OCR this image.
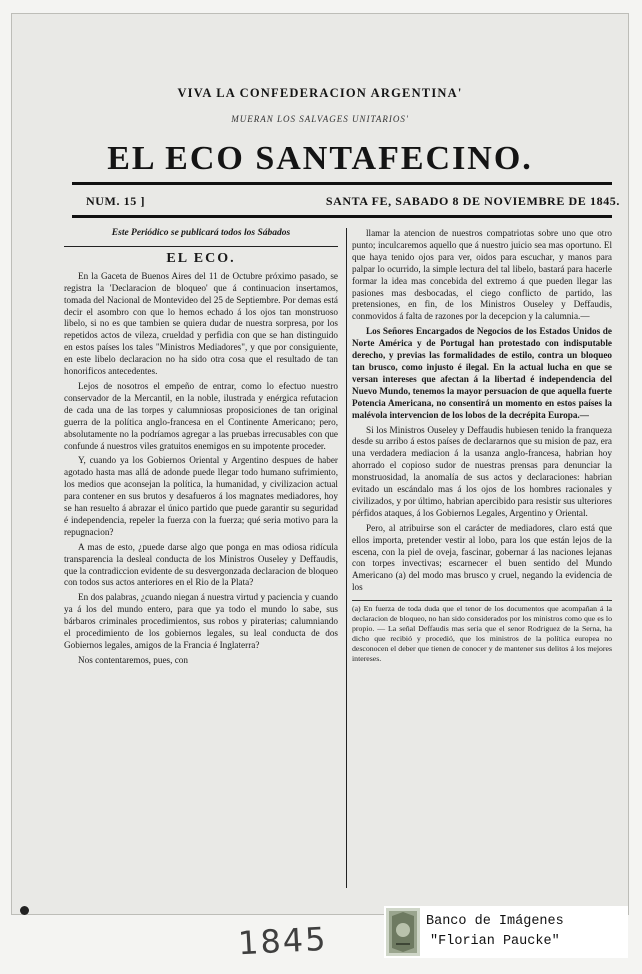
VIVA LA CONFEDERACION ARGENTINA'
MUERAN LOS SALVAGES UNITARIOS'
EL ECO SANTAFECINO.
NUM. 15 ]	SANTA FE, SABADO 8 DE NOVIEMBRE DE 1845.
Este Periódico se publicará todos los Sábados
EL ECO.

En la Gaceta de Buenos Aires del 11 de Octubre próximo pasado, se registra la 'Declaracion de bloqueo' que á continuacion insertamos, tomada del Nacional de Montevideo del 25 de Septiembre. Por demas está decir el asombro con que lo hemos echado á los ojos tan monstruoso libelo, si no es que tambien se quiera dudar de nuestra sorpresa, por los repetidos actos de vileza, crueldad y perfidia con que se han distinguido en estos países los tales "Ministros Mediadores", y que por consiguiente, en este libelo declaracion no ha sido otra cosa que el resultado de tan honorificos antecedentes.

Lejos de nosotros el empeño de entrar, como lo efectuo nuestro conservador de la Mercantil, en la noble, ilustrada y enérgica refutacion de cada una de las torpes y calumniosas proposiciones de tan original guerra de la política anglo-francesa en el Continente Americano; pero, absolutamente no la podríamos agregar a las pruebas irrecusables con que confunde á nuestros viles gratuitos enemigos en su impotente proceder.

Y, cuando ya los Gobiernos Oriental y Argentino despues de haber agotado hasta mas allá de adonde puede llegar todo humano sufrimiento, los medios que aconsejan la política, la humanidad, y civilizacion actual para contener en sus brutos y desafueros á los magnates mediadores, hoy se han resuelto á abrazar el único partido que puede garantir su seguridad é independencia, repeler la fuerza con la fuerza; qué seria motivo para la repugnacion?

A mas de esto, ¿puede darse algo que ponga en mas odiosa ridícula transparencia la desleal conducta de los Ministros Ouseley y Deffaudis, que la contradiccion evidente de su desvergonzada declaracion de bloqueo con todos sus actos anteriores en el Rio de la Plata?

En dos palabras, ¿cuando niegan á nuestra virtud y paciencia y cuando ya á los del mundo entero, para que ya todo el mundo lo sabe, sus bárbaros criminales procedimientos, sus robos y piraterias; calumniando el procedimiento de los gobiernos legales, su leal conducta de dos Gobiernos legales, amigos de la Francia é Inglaterra?

Nos contentaremos, pues, con

llamar la atencion de nuestros compatriotas sobre uno que otro punto; inculcaremos aquello que á nuestro juicio sea mas oportuno. El que haya tenido ojos para ver, oidos para escuchar, y manos para palpar lo ocurrido, la simple lectura del tal libelo, bastará para hacerle formar la idea mas concebida del extremo á que pueden llegar las pasiones mas desbocadas, el ciego conflicto de partido, las pretensiones, en fin, de los Ministros Ouseley y Deffaudis, conmovidos á falta de razones por la decepcion y la calumnia.—

Los Señores Encargados de Negocios de los Estados Unidos de Norte América y de Portugal han protestado con indisputable derecho, y previas las formalidades de estilo, contra un bloqueo tan brusco, como injusto é ilegal. En la actual lucha en que se versan intereses que afectan á la libertad é independencia del Nuevo Mundo, tenemos la mayor persuacion de que aquella fuerte Potencia Americana, no consentirá un momento en estos países la malévola intervencion de los lobos de la decrépita Europa.—

Si los Ministros Ouseley y Deffaudis hubiesen tenido la franqueza desde su arribo á estos países de declararnos que su mision de paz, era una verdadera mediacion á la usanza anglo-francesa, habrian hoy ahorrado el copioso sudor de nuestras prensas para denunciar la monstruosidad, la anomalía de sus actos y declaraciones: habrian evitado un escándalo mas á los ojos de los hombres racionales y civilizados, y por último, habrian apercibido para resistir sus ulteriores pérfidos ataques, á los Gobiernos Legales, Argentino y Oriental.

Pero, al atribuirse son el carácter de mediadores, claro está que ellos importa, pretender vestir al lobo, para los que están lejos de la escena, con la piel de oveja, fascinar, gobernar á las naciones lejanas con torpes invectivas; escarnecer el buen sentido del Mundo Americano (a) del modo mas brusco y cruel, negando la evidencia de los

(a) En fuerza de toda duda que el tenor de los documentos que acompañan á la declaracion de bloqueo, no han sido considerados por los ministros como que es lo propio. — La señal Deffaudis mas seria que el senor Rodriguez de la Serna, ha dicho que recibió y procedió, que los ministros de la política europea no desconocen el deber que tienen de conocer y de mantener sus delitos á los mejores intereses.
1845	Banco de Imágenes
"Florian Paucke"
